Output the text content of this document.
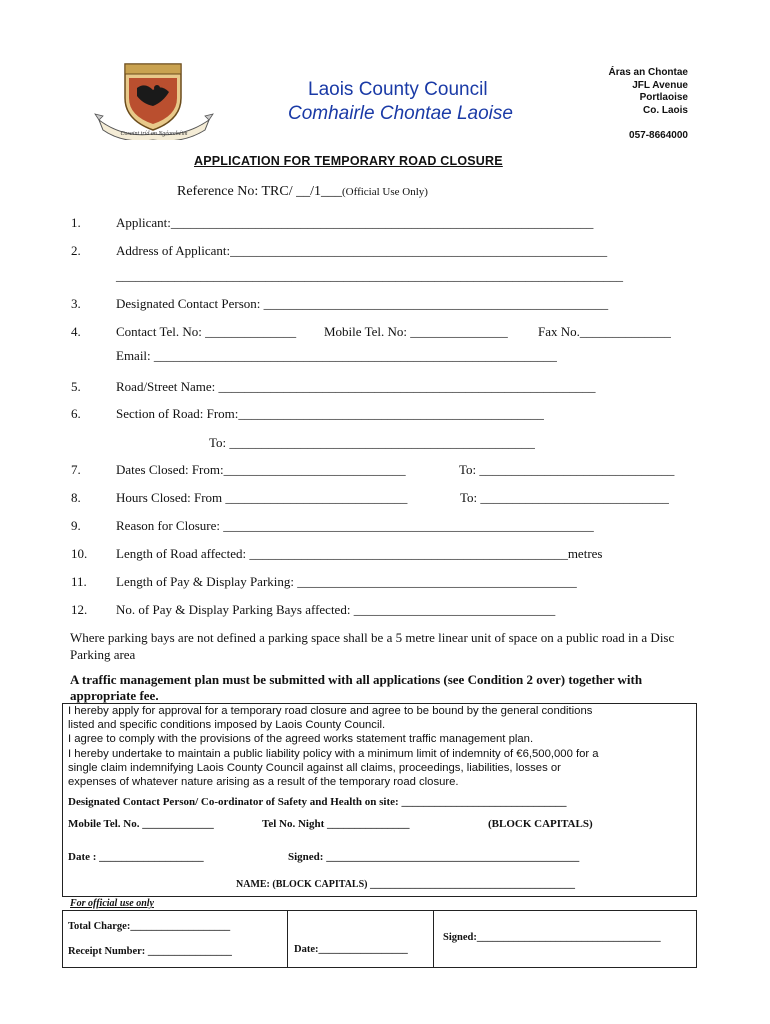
Cosaint tríd an Ngéarchéim
Laois County Council
Comhairle Chontae Laoise
Áras an Chontae
JFL Avenue
Portlaoise
Co. Laois
057-8664000
APPLICATION FOR TEMPORARY ROAD CLOSURE
Reference No: TRC/ __/1___(Official Use Only)
1.	Applicant:_________________________________________________________________
2.	Address of Applicant:__________________________________________________________
______________________________________________________________________________
3.	Designated Contact Person: _____________________________________________________
4.	Contact Tel. No: ______________ Mobile Tel. No: _______________ Fax No.______________
Email: ______________________________________________________________
5.	Road/Street Name: __________________________________________________________
6.	Section of Road: From:_______________________________________________
To: _______________________________________________
7.	Dates Closed: From:____________________________	To: ______________________________
8.	Hours Closed: From ____________________________	To: _____________________________
9.	Reason for Closure: _________________________________________________________
10. Length of Road affected: _________________________________________________metres
11. Length of Pay & Display Parking: ___________________________________________
12. No. of Pay & Display Parking Bays affected: _______________________________
Where parking bays are not defined a parking space shall be a 5 metre linear unit of space on a public road in a Disc Parking area
A traffic management plan must be submitted with all applications (see Condition 2 over) together with appropriate fee.
I hereby apply for approval for a temporary road closure and agree to be bound by the general conditions
listed and specific conditions imposed by Laois County Council.
I agree to comply with the provisions of the agreed works statement traffic management plan.
I hereby undertake to maintain a public liability policy with a minimum limit of indemnity of €6,500,000 for a
single claim indemnifying Laois County Council against all claims, proceedings, liabilities, losses or
expenses of whatever nature arising as a result of the temporary road closure.
Designated Contact Person/ Co-ordinator of Safety and Health on site: ______________________________
Mobile Tel. No. _____________	Tel No. Night _______________	(BLOCK CAPITALS)
Date : ___________________	Signed: ______________________________________________
NAME: (BLOCK CAPITALS) _________________________________________
For official use only
Total Charge:___________________
Receipt Number: ________________	Date:_________________
Signed:___________________________________
